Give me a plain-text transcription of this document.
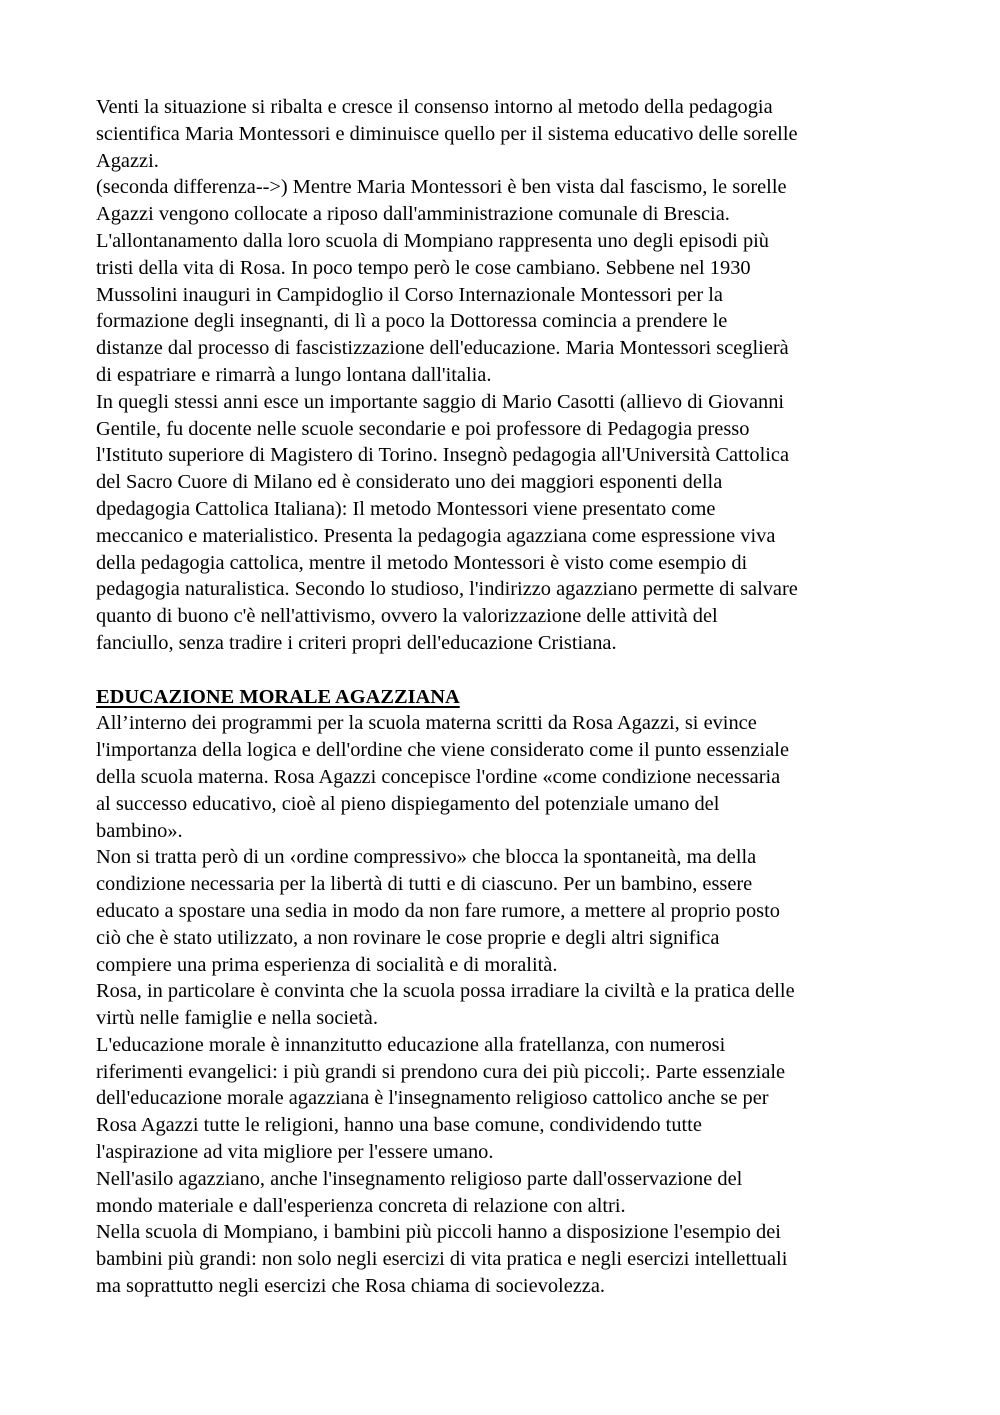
Venti la situazione si ribalta e cresce il consenso intorno al metodo della pedagogia
scientifica Maria Montessori e diminuisce quello per il sistema educativo delle sorelle
Agazzi.
(seconda differenza-->) Mentre Maria Montessori è ben vista dal fascismo, le sorelle
Agazzi vengono collocate a riposo dall'amministrazione comunale di Brescia.
L'allontanamento dalla loro scuola di Mompiano rappresenta uno degli episodi più
tristi della vita di Rosa. In poco tempo però le cose cambiano. Sebbene nel 1930
Mussolini inauguri in Campidoglio il Corso Internazionale Montessori per la
formazione degli insegnanti, di lì a poco la Dottoressa comincia a prendere le
distanze dal processo di fascistizzazione dell'educazione. Maria Montessori sceglierà
di espatriare e rimarrà a lungo lontana dall'italia.
In quegli stessi anni esce un importante saggio di Mario Casotti (allievo di Giovanni
Gentile, fu docente nelle scuole secondarie e poi professore di Pedagogia presso
l'Istituto superiore di Magistero di Torino. Insegnò pedagogia all'Università Cattolica
del Sacro Cuore di Milano ed è considerato uno dei maggiori esponenti della
dpedagogia Cattolica Italiana): Il metodo Montessori viene presentato come
meccanico e materialistico. Presenta la pedagogia agazziana come espressione viva
della pedagogia cattolica, mentre il metodo Montessori è visto come esempio di
pedagogia naturalistica. Secondo lo studioso, l'indirizzo agazziano permette di salvare
quanto di buono c'è nell'attivismo, ovvero la valorizzazione delle attività del
fanciullo, senza tradire i criteri propri dell'educazione Cristiana.
EDUCAZIONE MORALE AGAZZIANA
All’interno dei programmi per la scuola materna scritti da Rosa Agazzi, si evince
l'importanza della logica e dell'ordine che viene considerato come il punto essenziale
della scuola materna. Rosa Agazzi concepisce l'ordine «come condizione necessaria
al successo educativo, cioè al pieno dispiegamento del potenziale umano del
bambino».
Non si tratta però di un ‹ordine compressivo» che blocca la spontaneità, ma della
condizione necessaria per la libertà di tutti e di ciascuno. Per un bambino, essere
educato a spostare una sedia in modo da non fare rumore, a mettere al proprio posto
ciò che è stato utilizzato, a non rovinare le cose proprie e degli altri significa
compiere una prima esperienza di socialità e di moralità.
Rosa, in particolare è convinta che la scuola possa irradiare la civiltà e la pratica delle
virtù nelle famiglie e nella società.
L'educazione morale è innanzitutto educazione alla fratellanza, con numerosi
riferimenti evangelici: i più grandi si prendono cura dei più piccoli;. Parte essenziale
dell'educazione morale agazziana è l'insegnamento religioso cattolico anche se per
Rosa Agazzi tutte le religioni, hanno una base comune, condividendo tutte
l'aspirazione ad vita migliore per l'essere umano.
Nell'asilo agazziano, anche l'insegnamento religioso parte dall'osservazione del
mondo materiale e dall'esperienza concreta di relazione con altri.
Nella scuola di Mompiano, i bambini più piccoli hanno a disposizione l'esempio dei
bambini più grandi: non solo negli esercizi di vita pratica e negli esercizi intellettuali
ma soprattutto negli esercizi che Rosa chiama di socievolezza.
